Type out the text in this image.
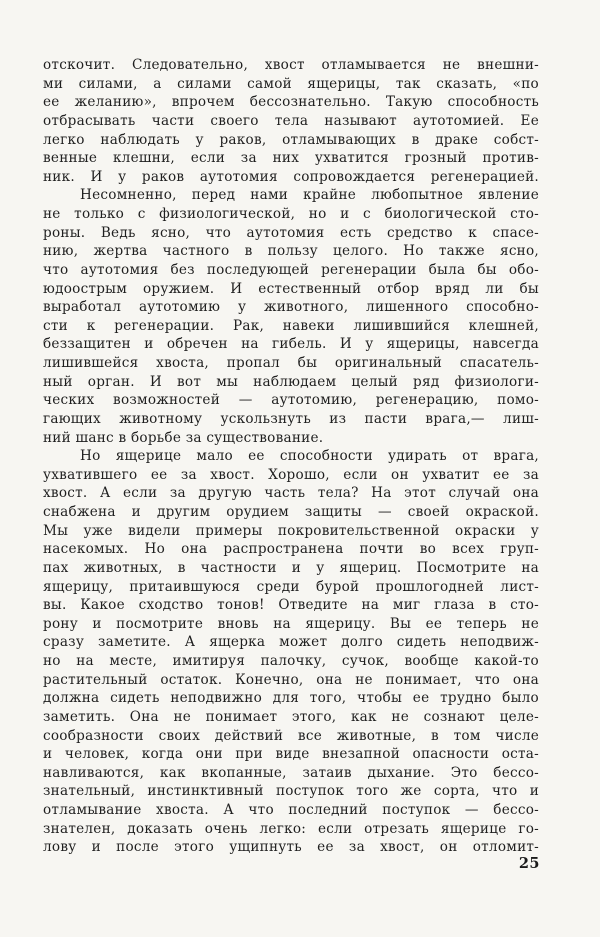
отскочит. Следовательно, хвост отламывается не внешни-
ми силами, а силами самой ящерицы, так сказать, «по
ее желанию», впрочем бессознательно. Такую способность
отбрасывать части своего тела называют аутотомией. Ее
легко наблюдать у раков, отламывающих в драке собст-
венные клешни, если за них ухватится грозный против-
ник. И у раков аутотомия сопровождается регенерацией.
Несомненно, перед нами крайне любопытное явление
не только с физиологической, но и с биологической сто-
роны. Ведь ясно, что аутотомия есть средство к спасе-
нию, жертва частного в пользу целого. Но также ясно,
что аутотомия без последующей регенерации была бы обо-
юдоострым оружием. И естественный отбор вряд ли бы
выработал аутотомию у животного, лишенного способно-
сти к регенерации. Рак, навеки лишившийся клешней,
беззащитен и обречен на гибель. И у ящерицы, навсегда
лишившейся хвоста, пропал бы оригинальный спасатель-
ный орган. И вот мы наблюдаем целый ряд физиологи-
ческих возможностей — аутотомию, регенерацию, помо-
гающих животному ускользнуть из пасти врага,— лиш-
ний шанс в борьбе за существование.
Но ящерице мало ее способности удирать от врага,
ухватившего ее за хвост. Хорошо, если он ухватит ее за
хвост. А если за другую часть тела? На этот случай она
снабжена и другим орудием защиты — своей окраской.
Мы уже видели примеры покровительственной окраски у
насекомых. Но она распространена почти во всех груп-
пах животных, в частности и у ящериц. Посмотрите на
ящерицу, притаившуюся среди бурой прошлогодней лист-
вы. Какое сходство тонов! Отведите на миг глаза в сто-
рону и посмотрите вновь на ящерицу. Вы ее теперь не
сразу заметите. А ящерка может долго сидеть неподвиж-
но на месте, имитируя палочку, сучок, вообще какой-то
растительный остаток. Конечно, она не понимает, что она
должна сидеть неподвижно для того, чтобы ее трудно было
заметить. Она не понимает этого, как не сознают целе-
сообразности своих действий все животные, в том числе
и человек, когда они при виде внезапной опасности оста-
навливаются, как вкопанные, затаив дыхание. Это бессо-
знательный, инстинктивный поступок того же сорта, что и
отламывание хвоста. А что последний поступок — бессо-
знателен, доказать очень легко: если отрезать ящерице го-
лову и после этого ущипнуть ее за хвост, он отломит-
25
